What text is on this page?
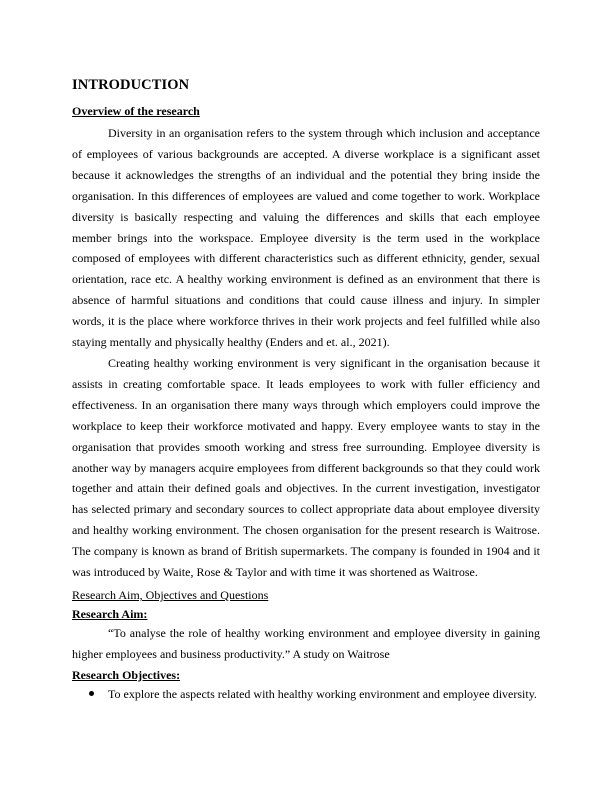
INTRODUCTION
Overview of the research

Diversity in an organisation refers to the system through which inclusion and acceptance of employees of various backgrounds are accepted. A diverse workplace is a significant asset because it acknowledges the strengths of an individual and the potential they bring inside the organisation. In this differences of employees are valued and come together to work. Workplace diversity is basically respecting and valuing the differences and skills that each employee member brings into the workspace. Employee diversity is the term used in the workplace composed of employees with different characteristics such as different ethnicity, gender, sexual orientation, race etc. A healthy working environment is defined as an environment that there is absence of harmful situations and conditions that could cause illness and injury. In simpler words, it is the place where workforce thrives in their work projects and feel fulfilled while also staying mentally and physically healthy (Enders and et. al., 2021).

Creating healthy working environment is very significant in the organisation because it assists in creating comfortable space. It leads employees to work with fuller efficiency and effectiveness. In an organisation there many ways through which employers could improve the workplace to keep their workforce motivated and happy. Every employee wants to stay in the organisation that provides smooth working and stress free surrounding. Employee diversity is another way by managers acquire employees from different backgrounds so that they could work together and attain their defined goals and objectives. In the current investigation, investigator has selected primary and secondary sources to collect appropriate data about employee diversity and healthy working environment. The chosen organisation for the present research is Waitrose. The company is known as brand of British supermarkets. The company is founded in 1904 and it was introduced by Waite, Rose & Taylor and with time it was shortened as Waitrose.

Research Aim, Objectives and Questions
Research Aim:

“To analyse the role of healthy working environment and employee diversity in gaining higher employees and business productivity.” A study on Waitrose

Research Objectives:
To explore the aspects related with healthy working environment and employee diversity.
